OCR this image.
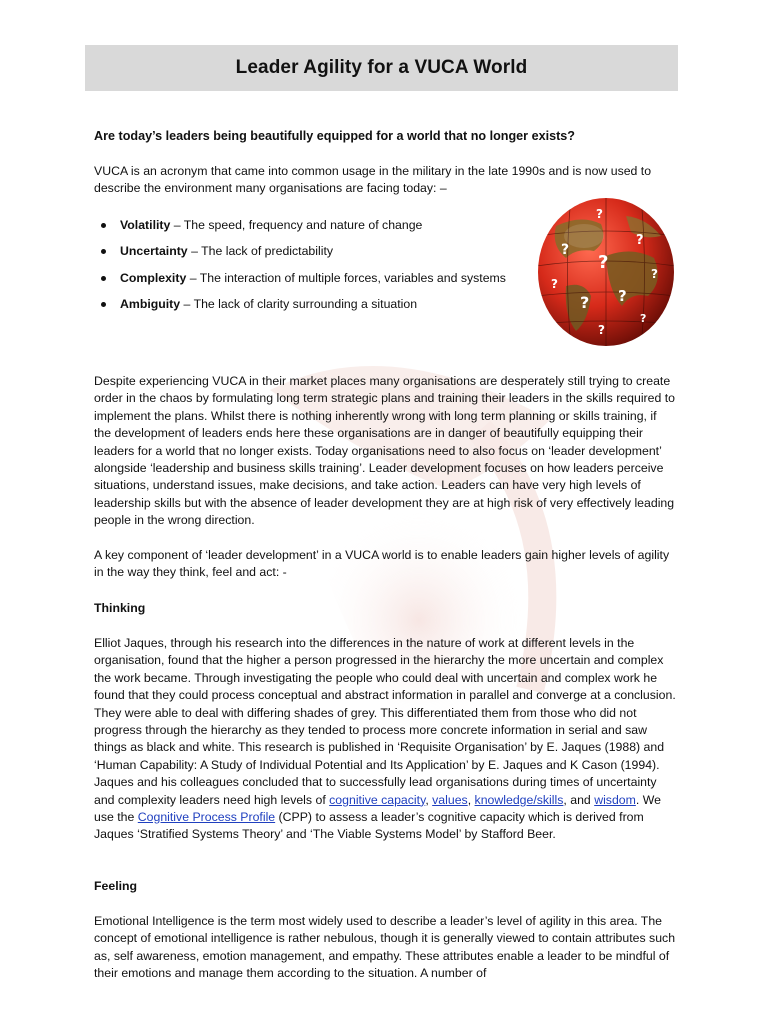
Leader Agility for a VUCA World
?
?
?
?
?
? ?
?
?
?

Are today’s leaders being beautifully equipped for a world that no longer exists?

VUCA is an acronym that came into common usage in the military in the late 1990s and is now used to describe the environment many organisations are facing today: –

Volatility – The speed, frequency and nature of change
Uncertainty – The lack of predictability
Complexity – The interaction of multiple forces, variables and systems
Ambiguity – The lack of clarity surrounding a situation

Despite experiencing VUCA in their market places many organisations are desperately still trying to create order in the chaos by formulating long term strategic plans and training their leaders in the skills required to implement the plans. Whilst there is nothing inherently wrong with long term planning or skills training, if the development of leaders ends here these organisations are in danger of beautifully equipping their leaders for a world that no longer exists. Today organisations need to also focus on ‘leader development’ alongside ‘leadership and business skills training’. Leader development focuses on how leaders perceive situations, understand issues, make decisions, and take action. Leaders can have very high levels of leadership skills but with the absence of leader development they are at high risk of very effectively leading people in the wrong direction.

A key component of ‘leader development’ in a VUCA world is to enable leaders gain higher levels of agility in the way they think, feel and act: -

Thinking

Elliot Jaques, through his research into the differences in the nature of work at different levels in the organisation, found that the higher a person progressed in the hierarchy the more uncertain and complex the work became. Through investigating the people who could deal with uncertain and complex work he found that they could process conceptual and abstract information in parallel and converge at a conclusion. They were able to deal with differing shades of grey. This differentiated them from those who did not progress through the hierarchy as they tended to process more concrete information in serial and saw things as black and white. This research is published in ‘Requisite Organisation’ by E. Jaques (1988) and ‘Human Capability: A Study of Individual Potential and Its Application’ by E. Jaques and K Cason (1994). Jaques and his colleagues concluded that to successfully lead organisations during times of uncertainty and complexity leaders need high levels of cognitive capacity, values, knowledge/skills, and wisdom. We use the Cognitive Process Profile (CPP) to assess a leader’s cognitive capacity which is derived from Jaques ‘Stratified Systems Theory’ and ‘The Viable Systems Model’ by Stafford Beer.

Feeling

Emotional Intelligence is the term most widely used to describe a leader’s level of agility in this area. The concept of emotional intelligence is rather nebulous, though it is generally viewed to contain attributes such as, self awareness, emotion management, and empathy. These attributes enable a leader to be mindful of their emotions and manage them according to the situation. A number of
